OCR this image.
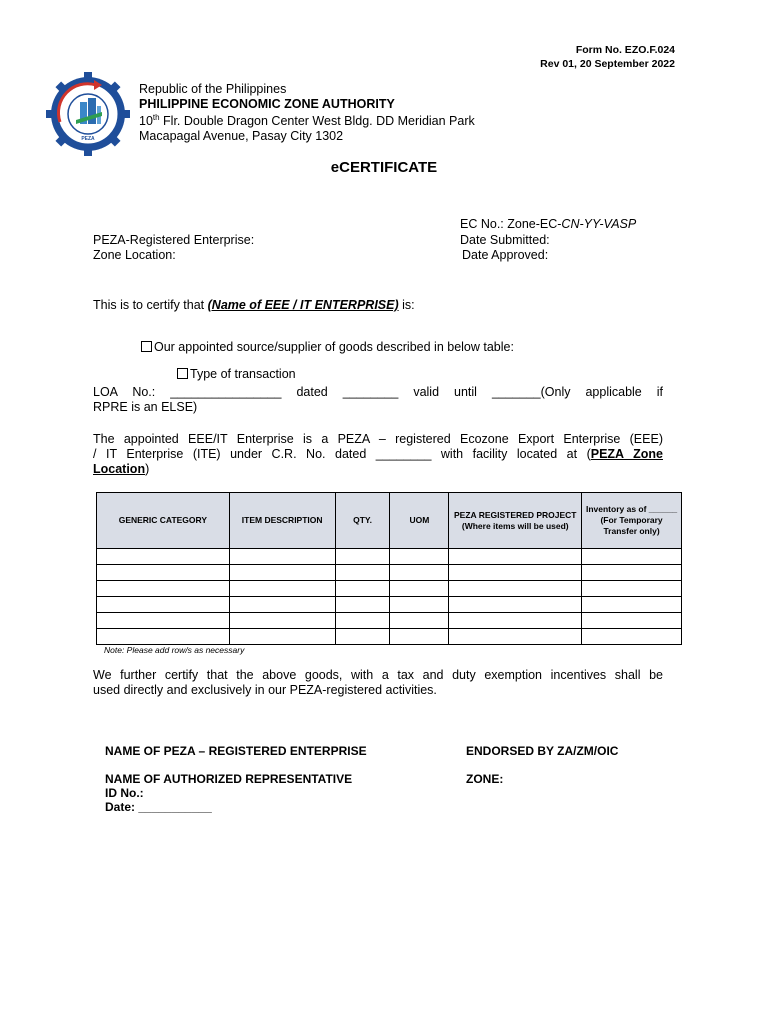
Form No. EZO.F.024
Rev 01, 20 September 2022
PEZA
Republic of the Philippines
PHILIPPINE ECONOMIC ZONE AUTHORITY
10th Flr. Double Dragon Center West Bldg. DD Meridian Park
Macapagal Avenue, Pasay City 1302
eCERTIFICATE
EC No.: Zone-EC-CN-YY-VASP
PEZA-Registered Enterprise:	Date Submitted:
Zone Location:	Date Approved:
This is to certify that (Name of EEE / IT ENTERPRISE) is:
Our appointed source/supplier of goods described in below table:
Type of transaction
LOA No.: ________________ dated ________ valid until _______(Only applicable if
RPRE is an ELSE)
The appointed EEE/IT Enterprise is a PEZA – registered Ecozone Export Enterprise (EEE)
/ IT Enterprise (ITE) under C.R. No. dated ________ with facility located at (PEZA Zone
Location)
GENERIC CATEGORY	ITEM DESCRIPTION	QTY.	UOM	PEZA REGISTERED PROJECT (Where items will be used)	Inventory as of ______ (For Temporary Transfer only)

Note: Please add row/s as necessary
We further certify that the above goods, with a tax and duty exemption incentives shall be
used directly and exclusively in our PEZA-registered activities.
NAME OF PEZA – REGISTERED ENTERPRISE	ENDORSED BY ZA/ZM/OIC
NAME OF AUTHORIZED REPRESENTATIVE
ID No.:
Date: ___________
ZONE:
